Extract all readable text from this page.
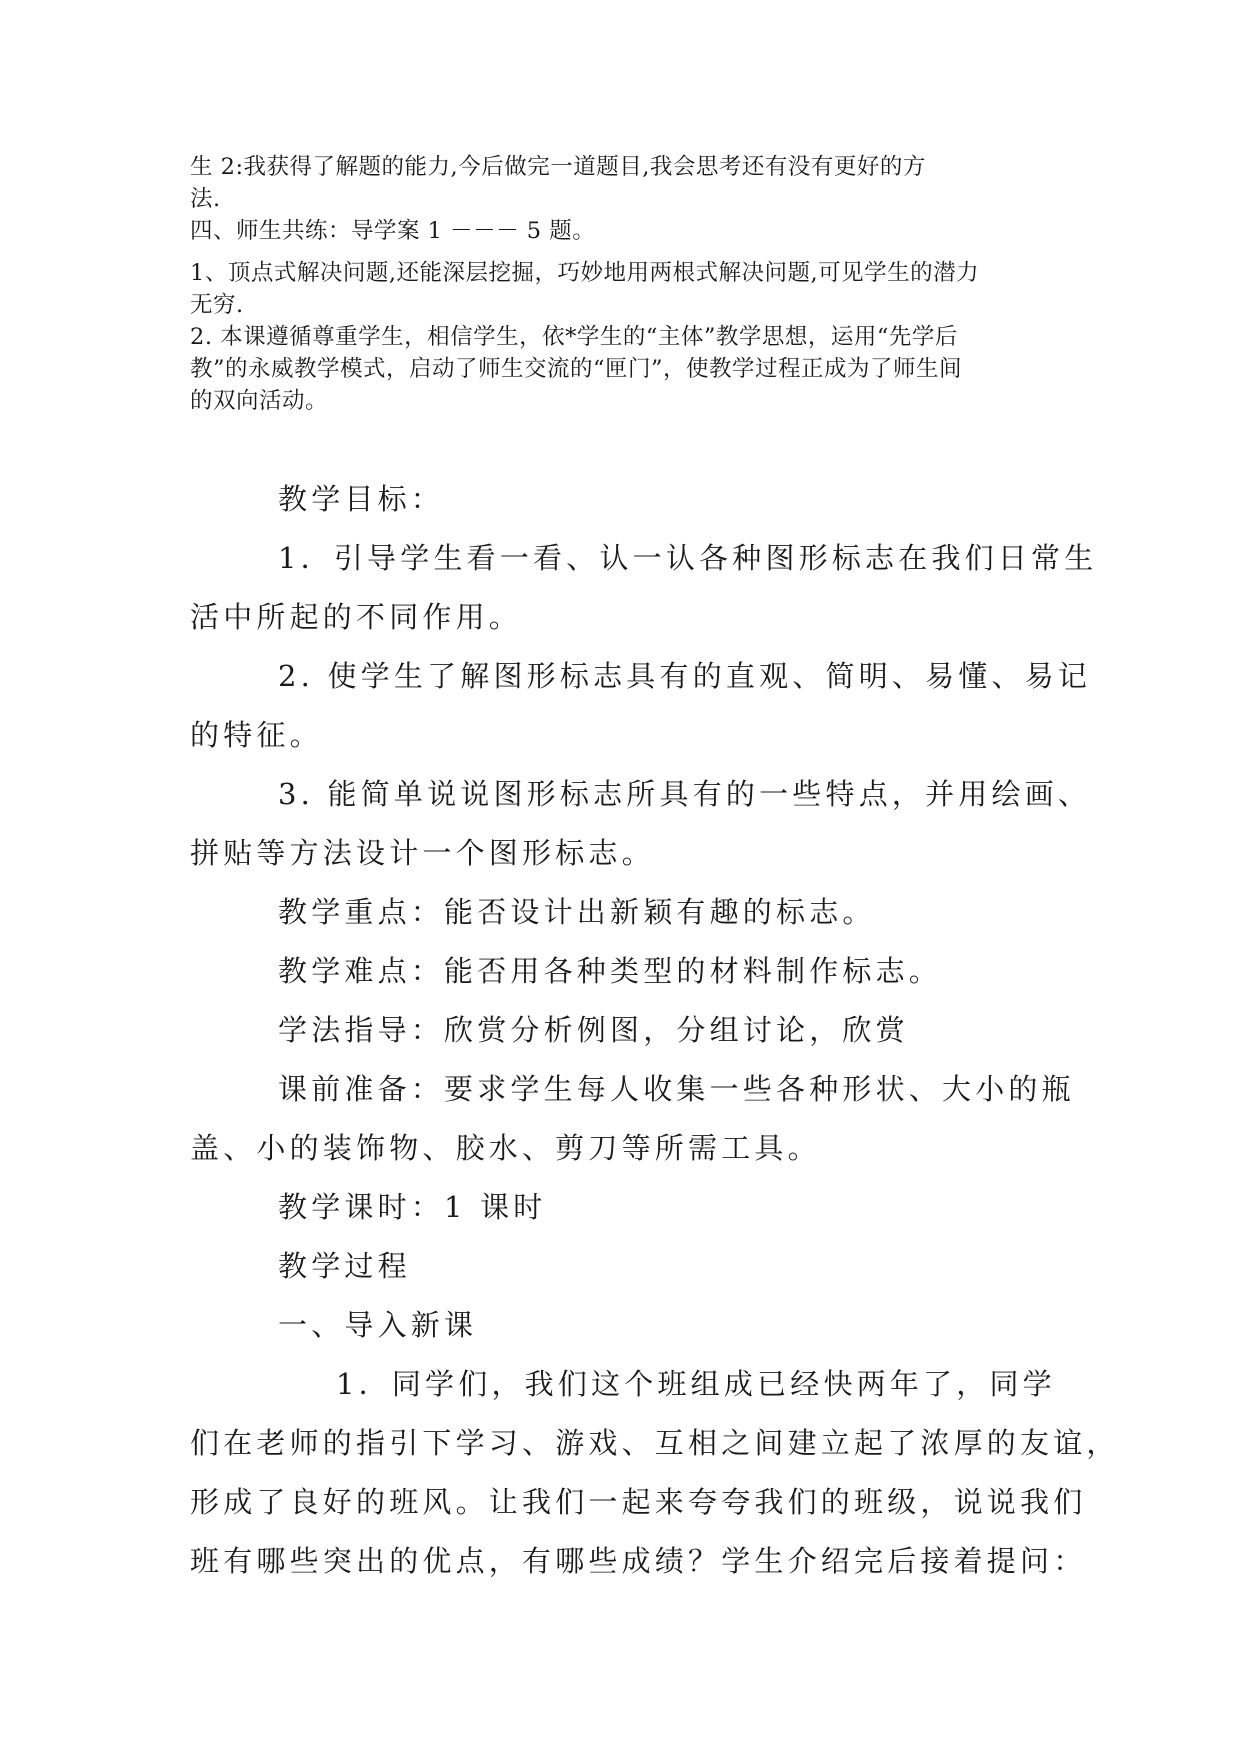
生 2:我获得了解题的能力,今后做完一道题目,我会思考还有没有更好的方

法.

四、师生共练：导学案 1 －－－ 5 题。

1、顶点式解决问题,还能深层挖掘，巧妙地用两根式解决问题,可见学生的潜力

无穷.

2. 本课遵循尊重学生，相信学生，依*学生的“主体”教学思想，运用“先学后

教”的永威教学模式，启动了师生交流的“匣门”，使教学过程正成为了师生间

的双向活动。

教学目标：

1．引导学生看一看、认一认各种图形标志在我们日常生

活中所起的不同作用。

2. 使学生了解图形标志具有的直观、简明、易懂、易记

的特征。

3. 能简单说说图形标志所具有的一些特点，并用绘画、

拼贴等方法设计一个图形标志。

教学重点：能否设计出新颖有趣的标志。

教学难点：能否用各种类型的材料制作标志。

学法指导：欣赏分析例图，分组讨论，欣赏

课前准备：要求学生每人收集一些各种形状、大小的瓶

盖、小的装饰物、胶水、剪刀等所需工具。

教学课时：1 课时

教学过程

一、导入新课

1．同学们，我们这个班组成已经快两年了，同学

们在老师的指引下学习、游戏、互相之间建立起了浓厚的友谊，

形成了良好的班风。让我们一起来夸夸我们的班级，说说我们

班有哪些突出的优点，有哪些成绩？学生介绍完后接着提问：
